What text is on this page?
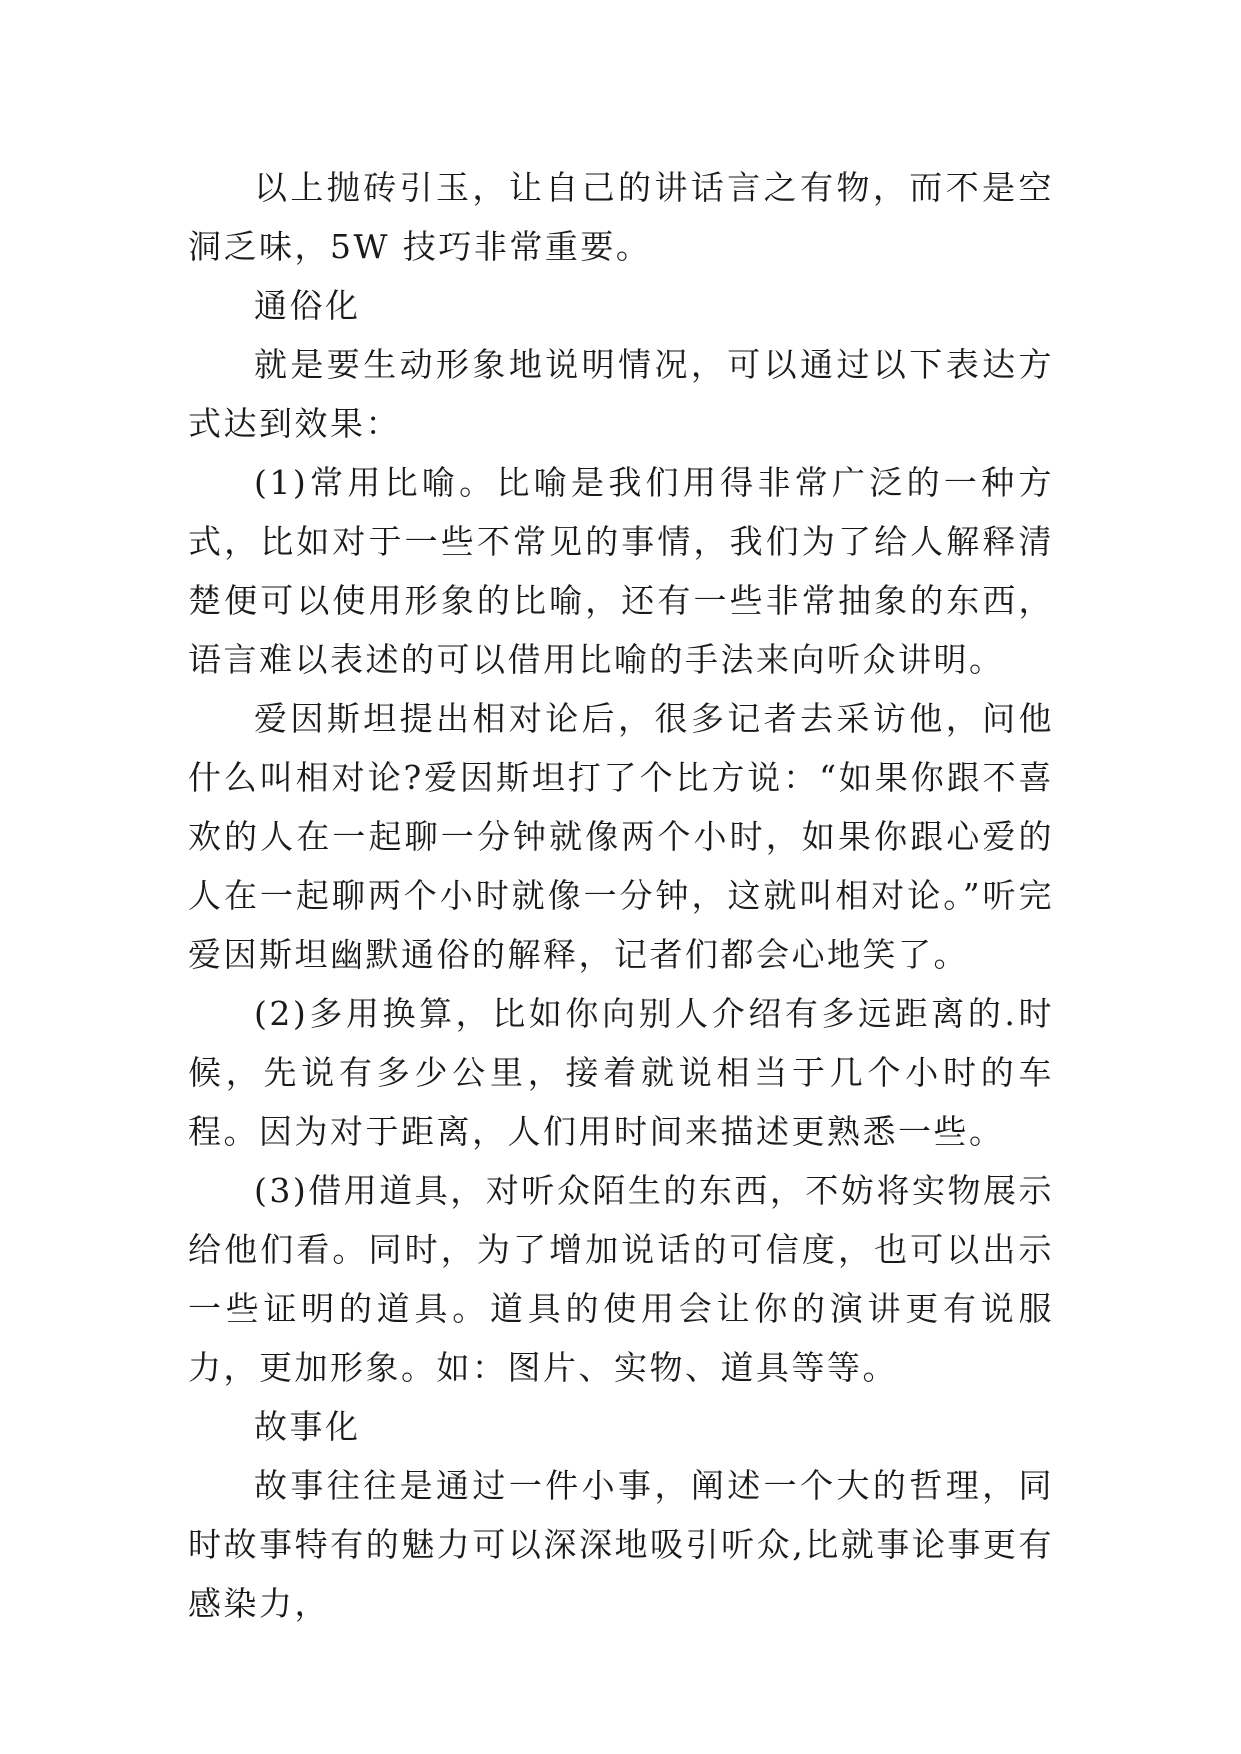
以上抛砖引玉，让自己的讲话言之有物，而不是空洞乏味，5W 技巧非常重要。

通俗化

就是要生动形象地说明情况，可以通过以下表达方式达到效果：

(1)常用比喻。比喻是我们用得非常广泛的一种方式，比如对于一些不常见的事情，我们为了给人解释清楚便可以使用形象的比喻，还有一些非常抽象的东西，语言难以表述的可以借用比喻的手法来向听众讲明。

爱因斯坦提出相对论后，很多记者去采访他，问他什么叫相对论?爱因斯坦打了个比方说：“如果你跟不喜欢的人在一起聊一分钟就像两个小时，如果你跟心爱的人在一起聊两个小时就像一分钟，这就叫相对论。”听完爱因斯坦幽默通俗的解释，记者们都会心地笑了。

(2)多用换算，比如你向别人介绍有多远距离的.时候，先说有多少公里，接着就说相当于几个小时的车程。因为对于距离，人们用时间来描述更熟悉一些。

(3)借用道具，对听众陌生的东西，不妨将实物展示给他们看。同时，为了增加说话的可信度，也可以出示一些证明的道具。道具的使用会让你的演讲更有说服力，更加形象。如：图片、实物、道具等等。

故事化

故事往往是通过一件小事，阐述一个大的哲理，同时故事特有的魅力可以深深地吸引听众,比就事论事更有感染力，
